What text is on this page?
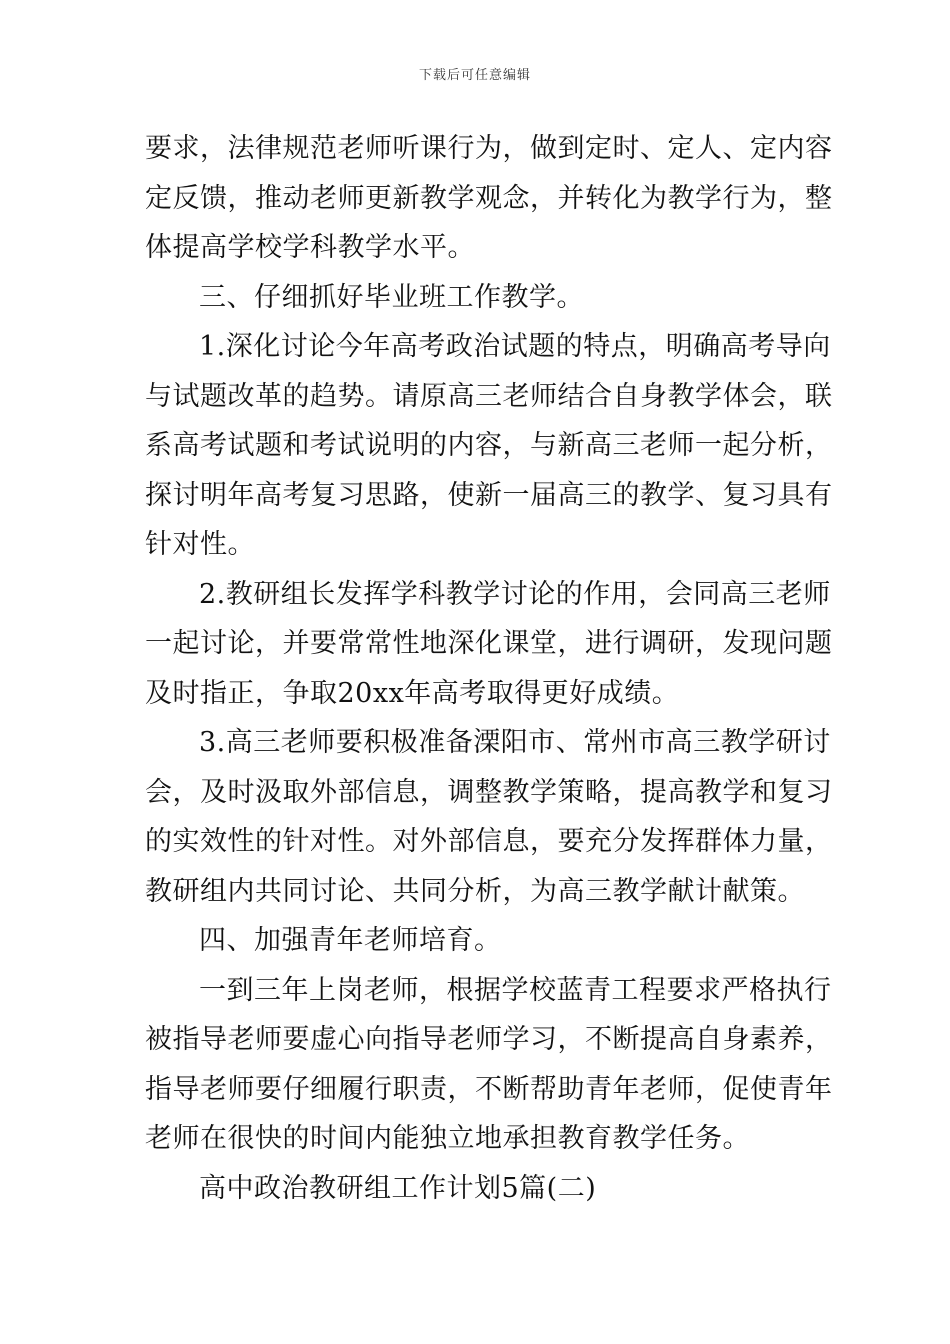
下载后可任意编辑
要求，法律规范老师听课行为，做到定时、定人、定内容
定反馈，推动老师更新教学观念，并转化为教学行为，整
体提高学校学科教学水平。
三、仔细抓好毕业班工作教学。
1.深化讨论今年高考政治试题的特点，明确高考导向
与试题改革的趋势。请原高三老师结合自身教学体会，联
系高考试题和考试说明的内容，与新高三老师一起分析，
探讨明年高考复习思路，使新一届高三的教学、复习具有
针对性。
2.教研组长发挥学科教学讨论的作用，会同高三老师
一起讨论，并要常常性地深化课堂，进行调研，发现问题
及时指正，争取20xx年高考取得更好成绩。
3.高三老师要积极准备溧阳市、常州市高三教学研讨
会，及时汲取外部信息，调整教学策略，提高教学和复习
的实效性的针对性。对外部信息，要充分发挥群体力量，
教研组内共同讨论、共同分析，为高三教学献计献策。
四、加强青年老师培育。
一到三年上岗老师，根据学校蓝青工程要求严格执行
被指导老师要虚心向指导老师学习，不断提高自身素养，
指导老师要仔细履行职责，不断帮助青年老师，促使青年
老师在很快的时间内能独立地承担教育教学任务。
高中政治教研组工作计划5篇(二)
